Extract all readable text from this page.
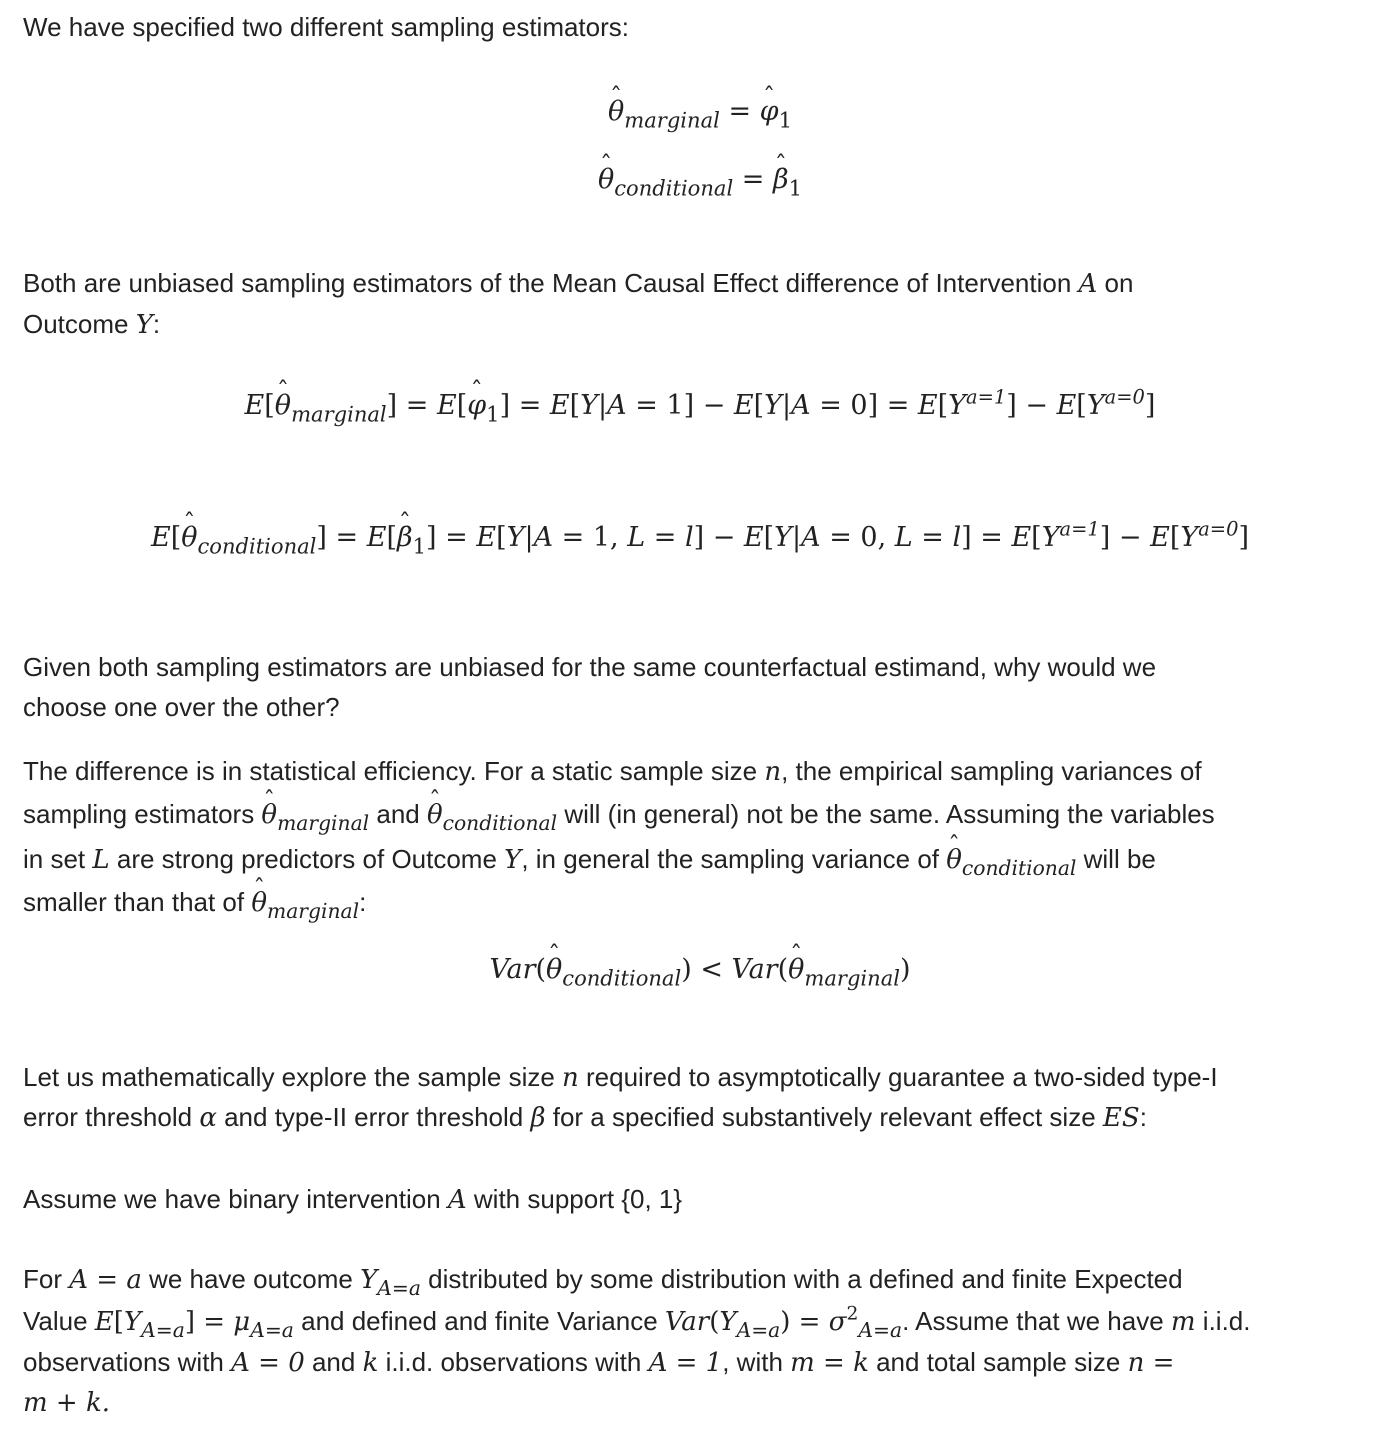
We have specified two different sampling estimators:
ˆ $\theta_{marginal}$ = ˆ $\varphi_1$
ˆ $\theta_{conditional}$ = ˆ $\beta_1$
Both are unbiased sampling estimators of the Mean Causal Effect difference of Intervention A on
Outcome Y:
E[ˆ $\theta_{marginal}$] = E[ˆ $\varphi_1] = E[Y|A = 1] - E[Y|A = 0] = E[Y^{a=1}] - E[Y^{a=0}]$
E[ˆ $\theta_{conditional}$] = E[ˆ $\beta_1] = E[Y|A = 1$, L = l] − E[Y|A = 0, $L = l] = E[Y^{a=1}] - E[Y^{a=0}]$
Given both sampling estimators are unbiased for the same counterfactual estimand, why would we
choose one over the other?
The difference is in statistical efficiency. For a static sample size n, the empirical sampling variances of
sampling estimators ˆ $\theta_{marginal}$ and ˆ $\theta_{conditional}$ will (in general) not be the same. Assuming the variables
in set L are strong predictors of Outcome Y, in general the sampling variance of ˆ $\theta_{conditional}$ will be
smaller than that of ˆ $\theta_{marginal}$:
Var(ˆ $\theta_{conditional}$) < Var(ˆ $\theta_{marginal}$)
Let us mathematically explore the sample size n required to asymptotically guarantee a two-sided type-I
error threshold α and type-II error threshold β for a specified substantively relevant effect size ES:
Assume we have binary intervention A with support {0, 1}
For A = a we have outcome $Y_{A=a}$ distributed by some distribution with a defined and finite Expected
Value $E[Y_{A=a}] = \mu_{A=a}$ and defined and finite Variance $Var(Y_{A=a}) = \sigma^2_{A=a}$. Assume that we have m i.i.d.
observations with A = 0 and k i.i.d. observations with A = 1, with m = k and total sample size n =
m + k.
